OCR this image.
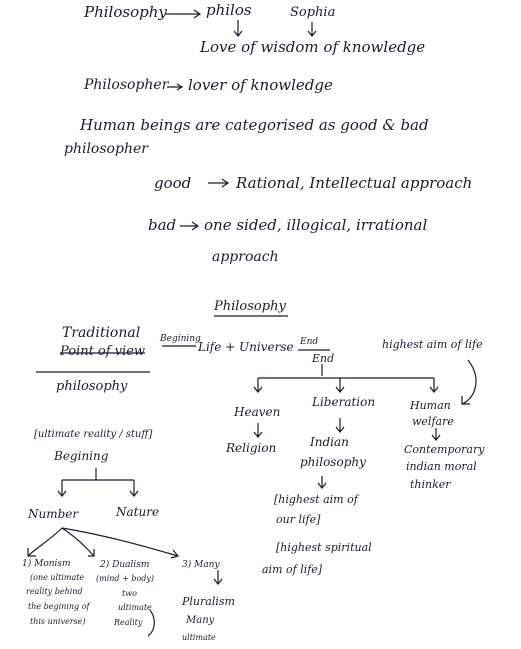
Philosophy	philos	Sophia
Love of wisdom of knowledge
Philosopher lover of knowledge
Human beings are categorised as good & bad
philosopher
good	Rational, Intellectual approach
bad one sided, illogical, irrational
approach
Philosophy
Traditional
Point of view
Begining
Life + Universe End
End
highest aim of life
philosophy
Heaven
Religion
Liberation
Indian
philosophy
Human
welfare
Contemporary
indian moral
thinker
[ultimate reality / stuff]
Begining
Number	Nature
[highest aim of
our life]
[highest spiritual
aim of life]
1) Monism
(one ultimate
reality behind
the begining of
this universe)
2) Dualism
(mind + body)
two
ultimate
Reality
3) Many
Pluralism
Many
ultimate
